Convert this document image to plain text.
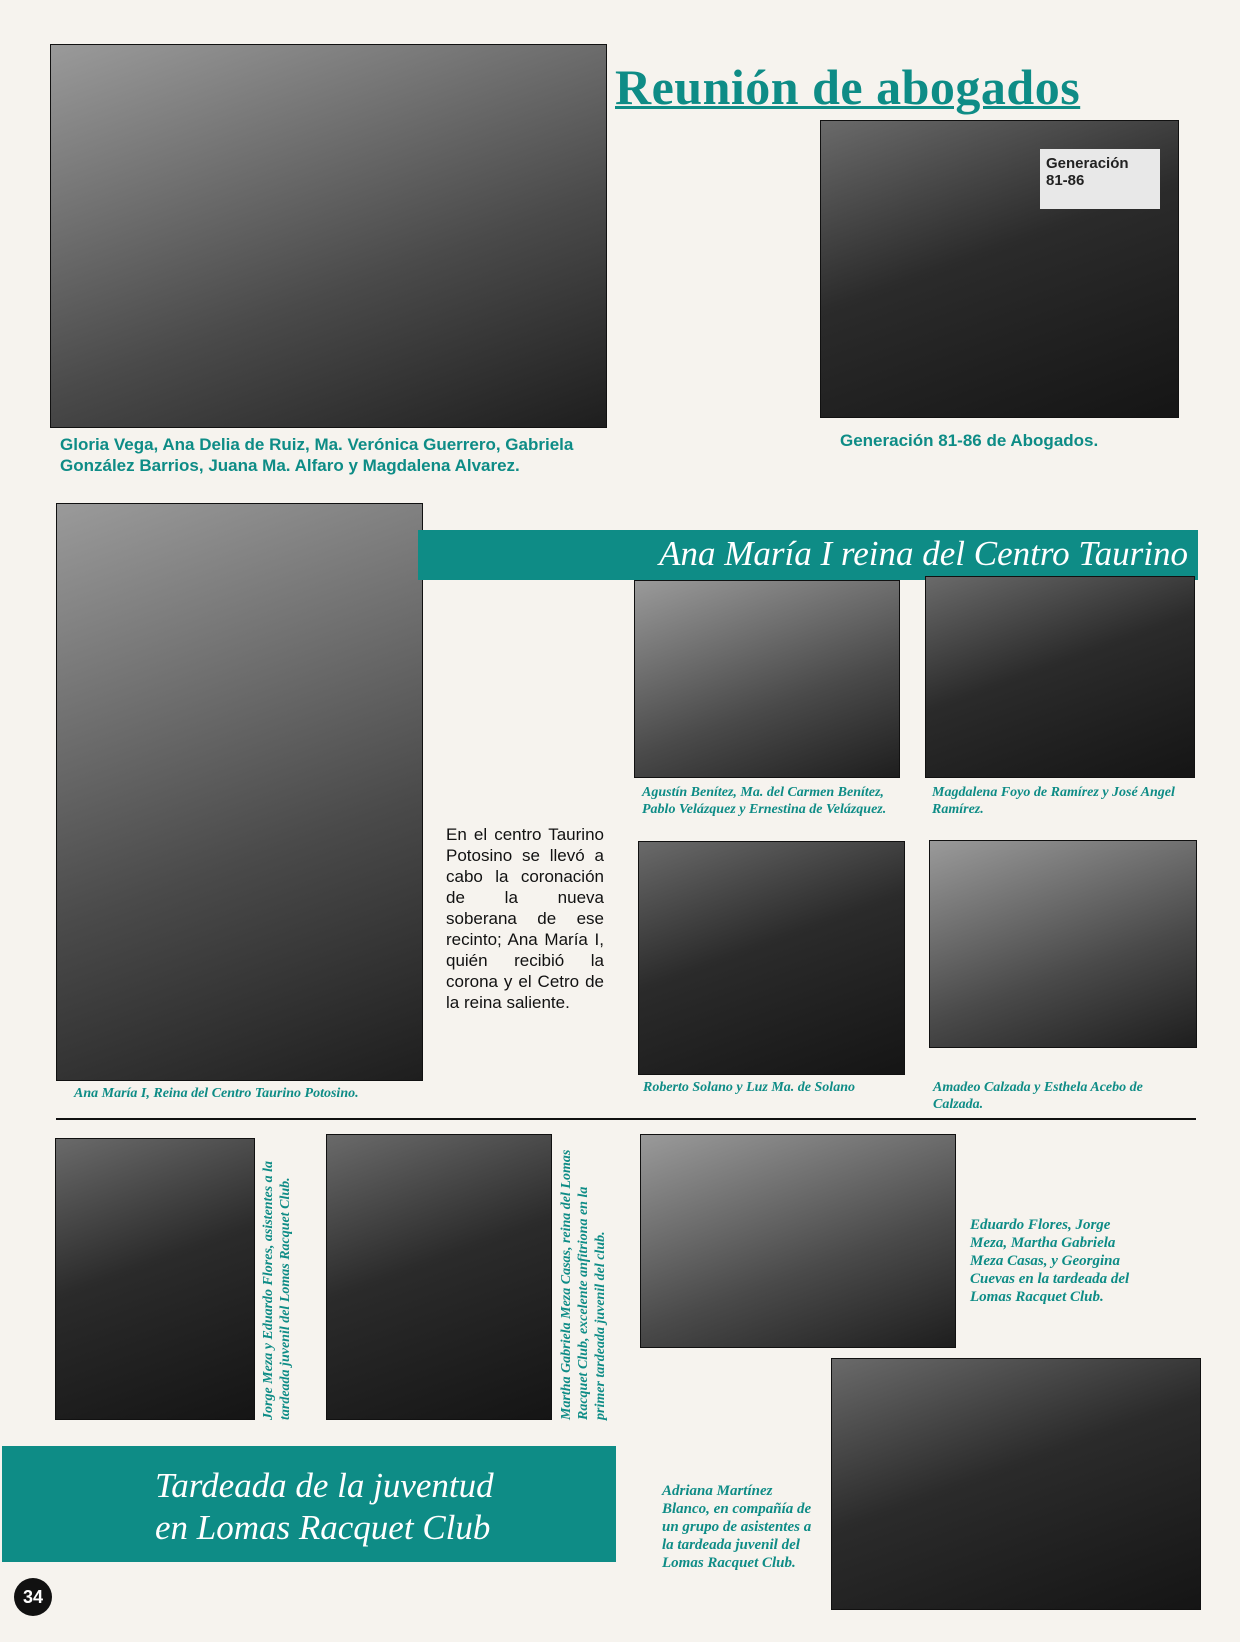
Reunión de abogados
Generación 81-86
Gloria Vega, Ana Delia de Ruiz, Ma. Verónica Guerrero, Gabriela González Barrios, Juana Ma. Alfaro y Magdalena Alvarez.
Generación 81-86 de Abogados.
Ana María I, Reina del Centro Taurino Potosino.
Ana María I reina del Centro Taurino

En el centro Taurino Potosino se llevó a cabo la coronación de la nueva soberana de ese recinto; Ana María I, quién recibió la corona y el Cetro de la reina saliente.

Agustín Benítez, Ma. del Carmen Benítez, Pablo Velázquez y Ernestina de Velázquez.
Magdalena Foyo de Ramírez y José Angel Ramírez.
Roberto Solano y Luz Ma. de Solano	Amadeo Calzada y Esthela Acebo de Calzada.
Jorge Meza y Eduardo Flores, asistentes a la tardeada juvenil del Lomas Racquet Club.	Martha Gabriela Meza Casas, reina del Lomas Racquet Club, excelente anfitriona en la primer tardeada juvenil del club.
Eduardo Flores, Jorge Meza, Martha Gabriela Meza Casas, y Georgina Cuevas en la tardeada del Lomas Racquet Club.
Tardeada de la juventud
en Lomas Racquet Club
Adriana Martínez Blanco, en compañía de un grupo de asistentes a la tardeada juvenil del Lomas Racquet Club.
34
